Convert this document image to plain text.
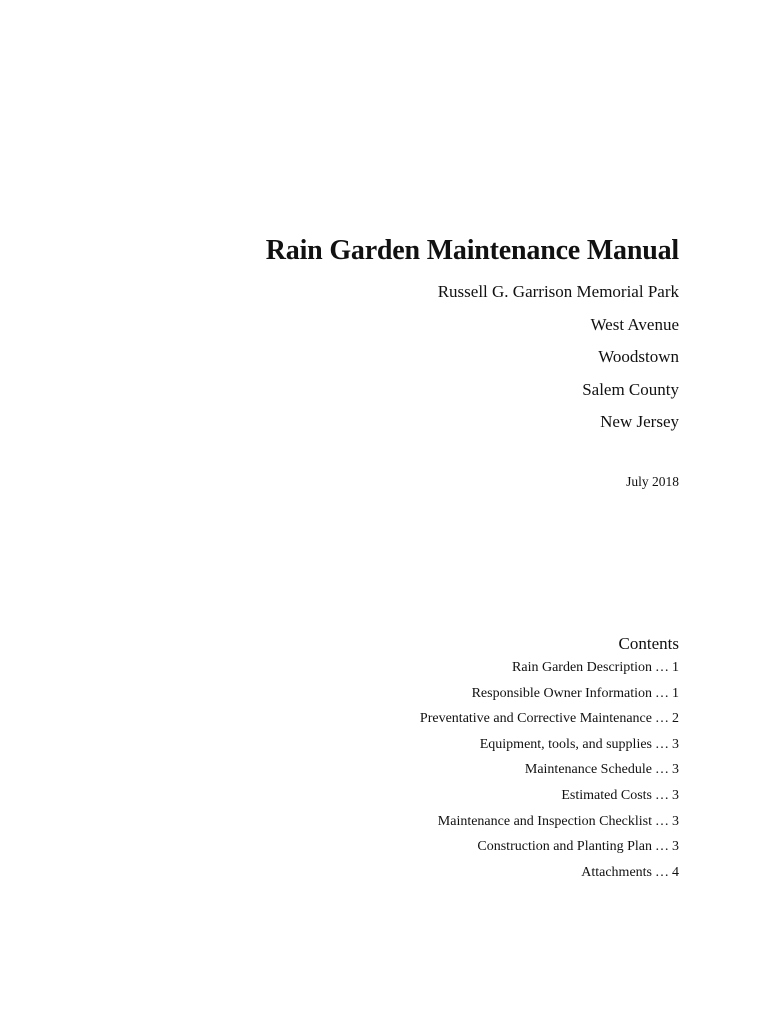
Rain Garden Maintenance Manual

Russell G. Garrison Memorial Park

West Avenue

Woodstown

Salem County

New Jersey

July 2018
Contents
Rain Garden Description … 1
Responsible Owner Information … 1
Preventative and Corrective Maintenance … 2
Equipment, tools, and supplies … 3
Maintenance Schedule … 3
Estimated Costs … 3
Maintenance and Inspection Checklist … 3
Construction and Planting Plan … 3
Attachments … 4
